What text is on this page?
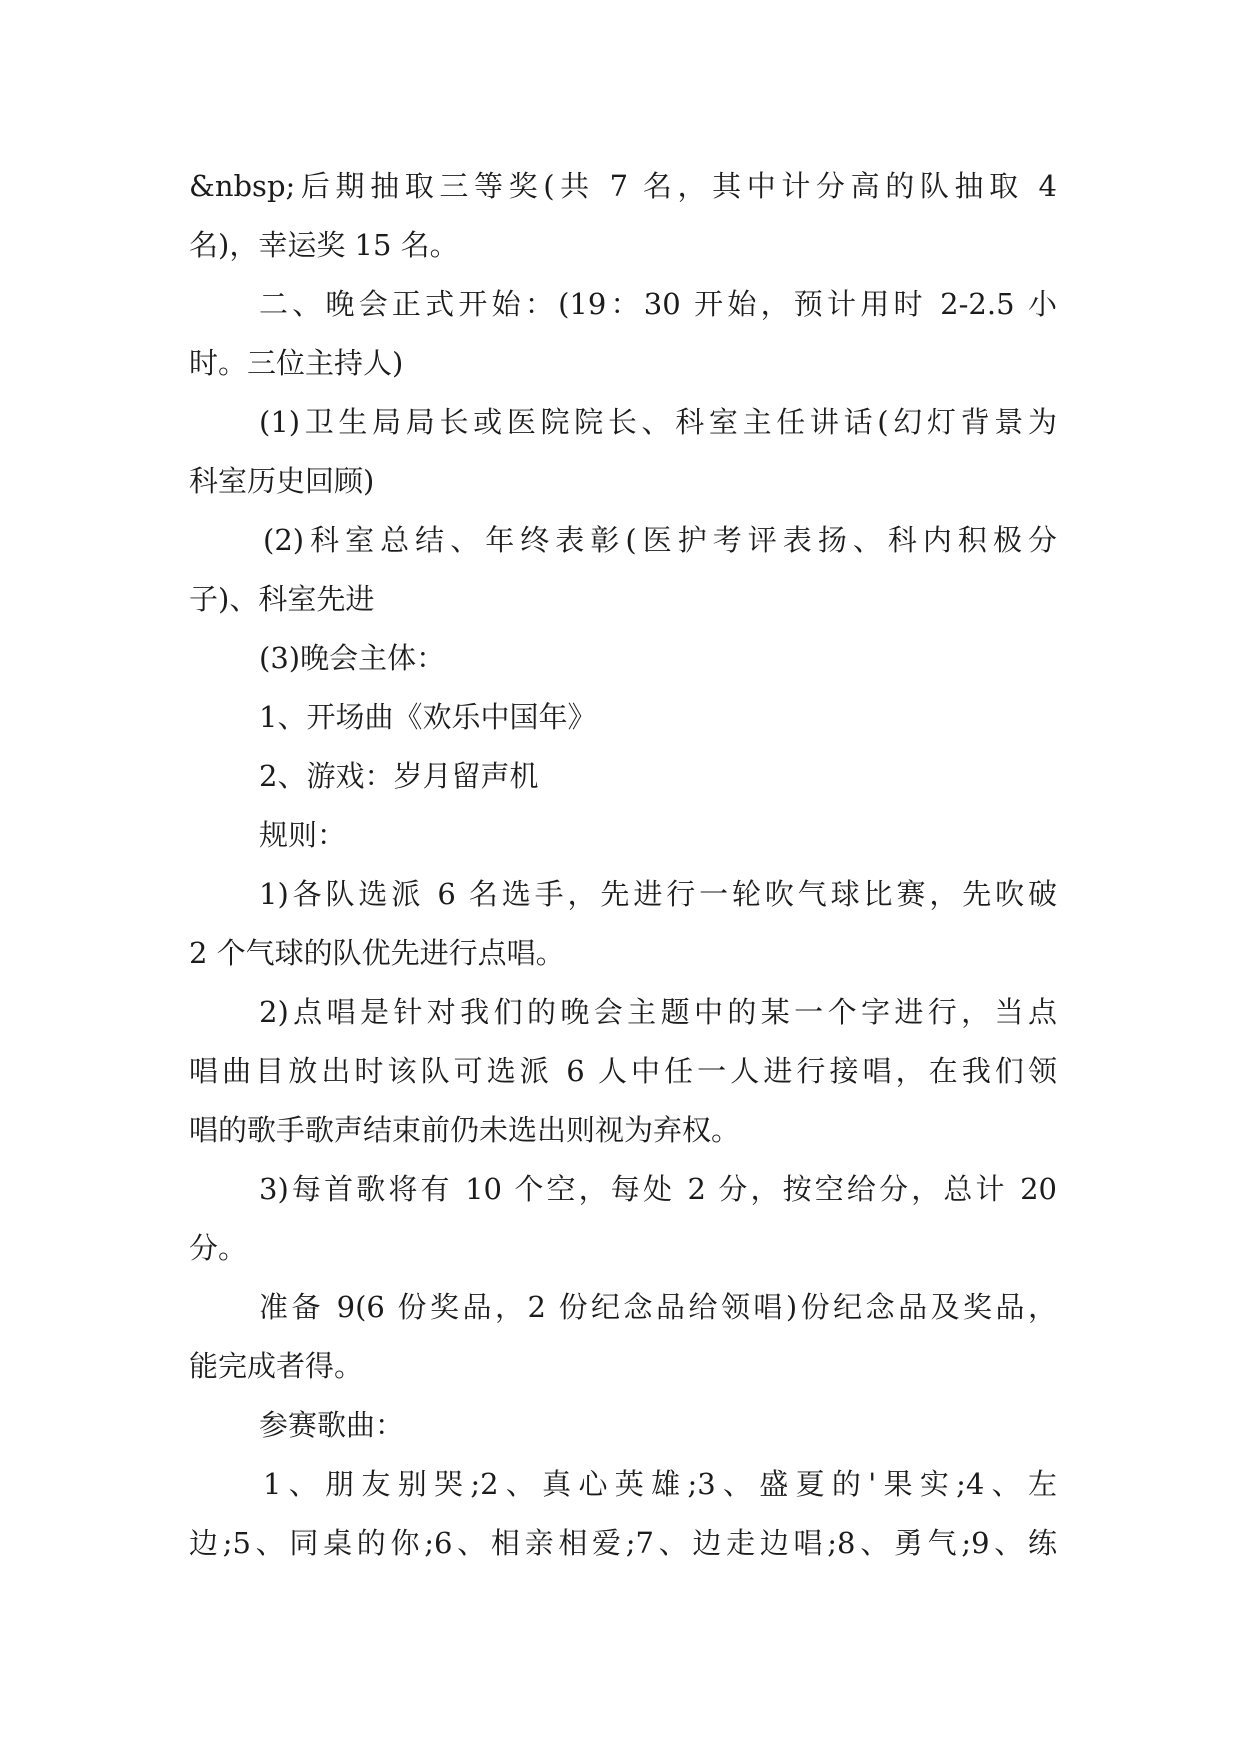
&nbsp;后期抽取三等奖(共 7 名，其中计分高的队抽取 4
名)，幸运奖 15 名。
二、晚会正式开始：(19：30 开始，预计用时 2-2.5 小
时。三位主持人)
(1)卫生局局长或医院院长、科室主任讲话(幻灯背景为
科室历史回顾)
(2)科室总结、年终表彰(医护考评表扬、科内积极分
子)、科室先进
(3)晚会主体：
1、开场曲《欢乐中国年》
2、游戏：岁月留声机
规则：
1)各队选派 6 名选手，先进行一轮吹气球比赛，先吹破
2 个气球的队优先进行点唱。
2)点唱是针对我们的晚会主题中的某一个字进行，当点
唱曲目放出时该队可选派 6 人中任一人进行接唱，在我们领
唱的歌手歌声结束前仍未选出则视为弃权。
3)每首歌将有 10 个空，每处 2 分，按空给分，总计 20
分。
准备 9(6 份奖品，2 份纪念品给领唱)份纪念品及奖品，
能完成者得。
参赛歌曲：
1、朋友别哭;2、真心英雄;3、盛夏的'果实;4、左
边;5、同桌的你;6、相亲相爱;7、边走边唱;8、勇气;9、练
